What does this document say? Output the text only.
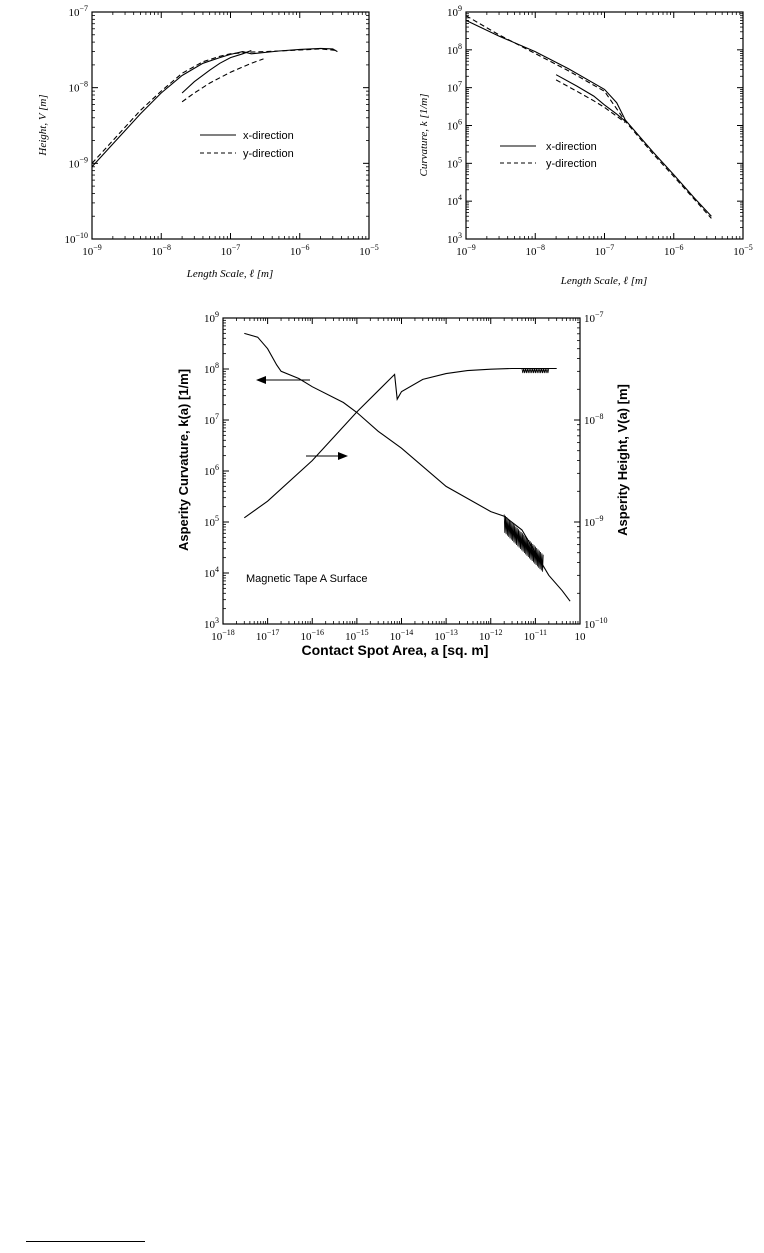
$10^{-9}$	$10^{-8}$	$10^{-7}$	$10^{-6}$	$10^{-5}$
$10^{-10}$
$10^{-9}$
$10^{-8}$
$10^{-7}$
x-direction
y-direction
Length Scale, ℓ [m]
Height, V [m]
$10^{-9}$	$10^{-8}$	$10^{-7}$	$10^{-6}$	$10^{-5}$
$10^3$
$10^4$
$10^5$
$10^6$
$10^7$
$10^8$
$10^9$
x-direction
y-direction
Length Scale, ℓ [m]
Curvature, k [1/m]
$10^{-18}$ $10^{-17}$ $10^{-16}$ $10^{-15}$ $10^{-14}$ $10^{-13}$ $10^{-12}$ $10^{-11}$	10
$10^3$
$10^4$
$10^5$
$10^6$
$10^7$
$10^8$
$10^9$
$10^{-10}$
$10^{-9}$
$10^{-8}$
$10^{-7}$
Magnetic Tape A Surface
Contact Spot Area, a [sq. m]
Asperity Curvature, k(a) [1/m]	Asperity Height, V(a) [m]
